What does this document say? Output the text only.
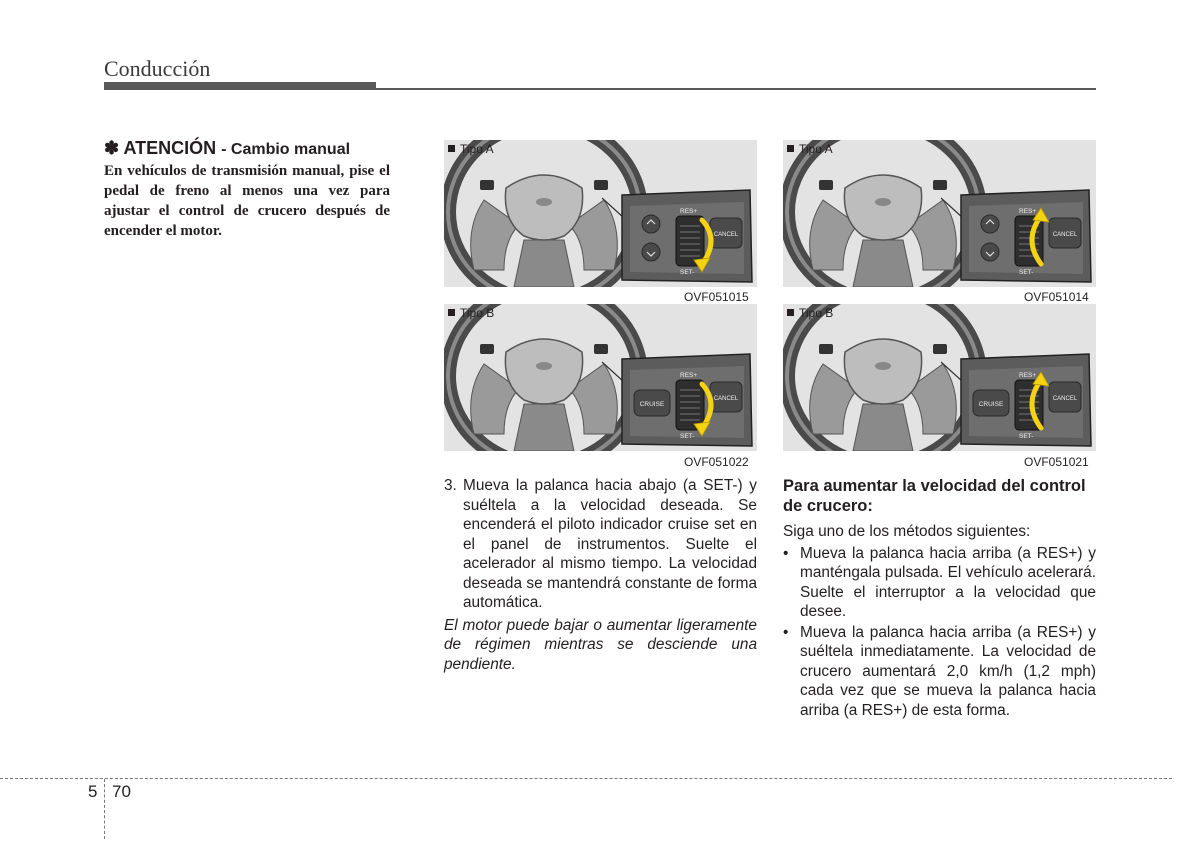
Conducción
✽ ATENCIÓN - Cambio manual
En vehículos de transmisión manual, pise el pedal de freno al menos una vez para ajustar el control de crucero después de encender el motor.
RES+
SET-
CANCEL
Tipo A
OVF051015
CRUISE
RES+
SET-
CANCEL
Tipo B
OVF051022
RES+
SET-
CANCEL
Tipo A
OVF051014
CRUISE
RES+
SET-
CANCEL
Tipo B
OVF051021
3. Mueva la palanca hacia abajo (a SET-) y suéltela a la velocidad deseada. Se encenderá el piloto indicador cruise set en el panel de instrumentos. Suelte el acelerador al mismo tiempo. La velocidad deseada se mantendrá constante de forma automática.

El motor puede bajar o aumentar ligeramente de régimen mientras se desciende una pendiente.

Para aumentar la velocidad del control de crucero:

Siga uno de los métodos siguientes:

• Mueva la palanca hacia arriba (a RES+) y manténgala pulsada. El vehículo acelerará. Suelte el interruptor a la velocidad que desee.
• Mueva la palanca hacia arriba (a RES+) y suéltela inmediatamente. La velocidad de crucero aumentará 2,0 km/h (1,2 mph) cada vez que se mueva la palanca hacia arriba (a RES+) de esta forma.
5 70
